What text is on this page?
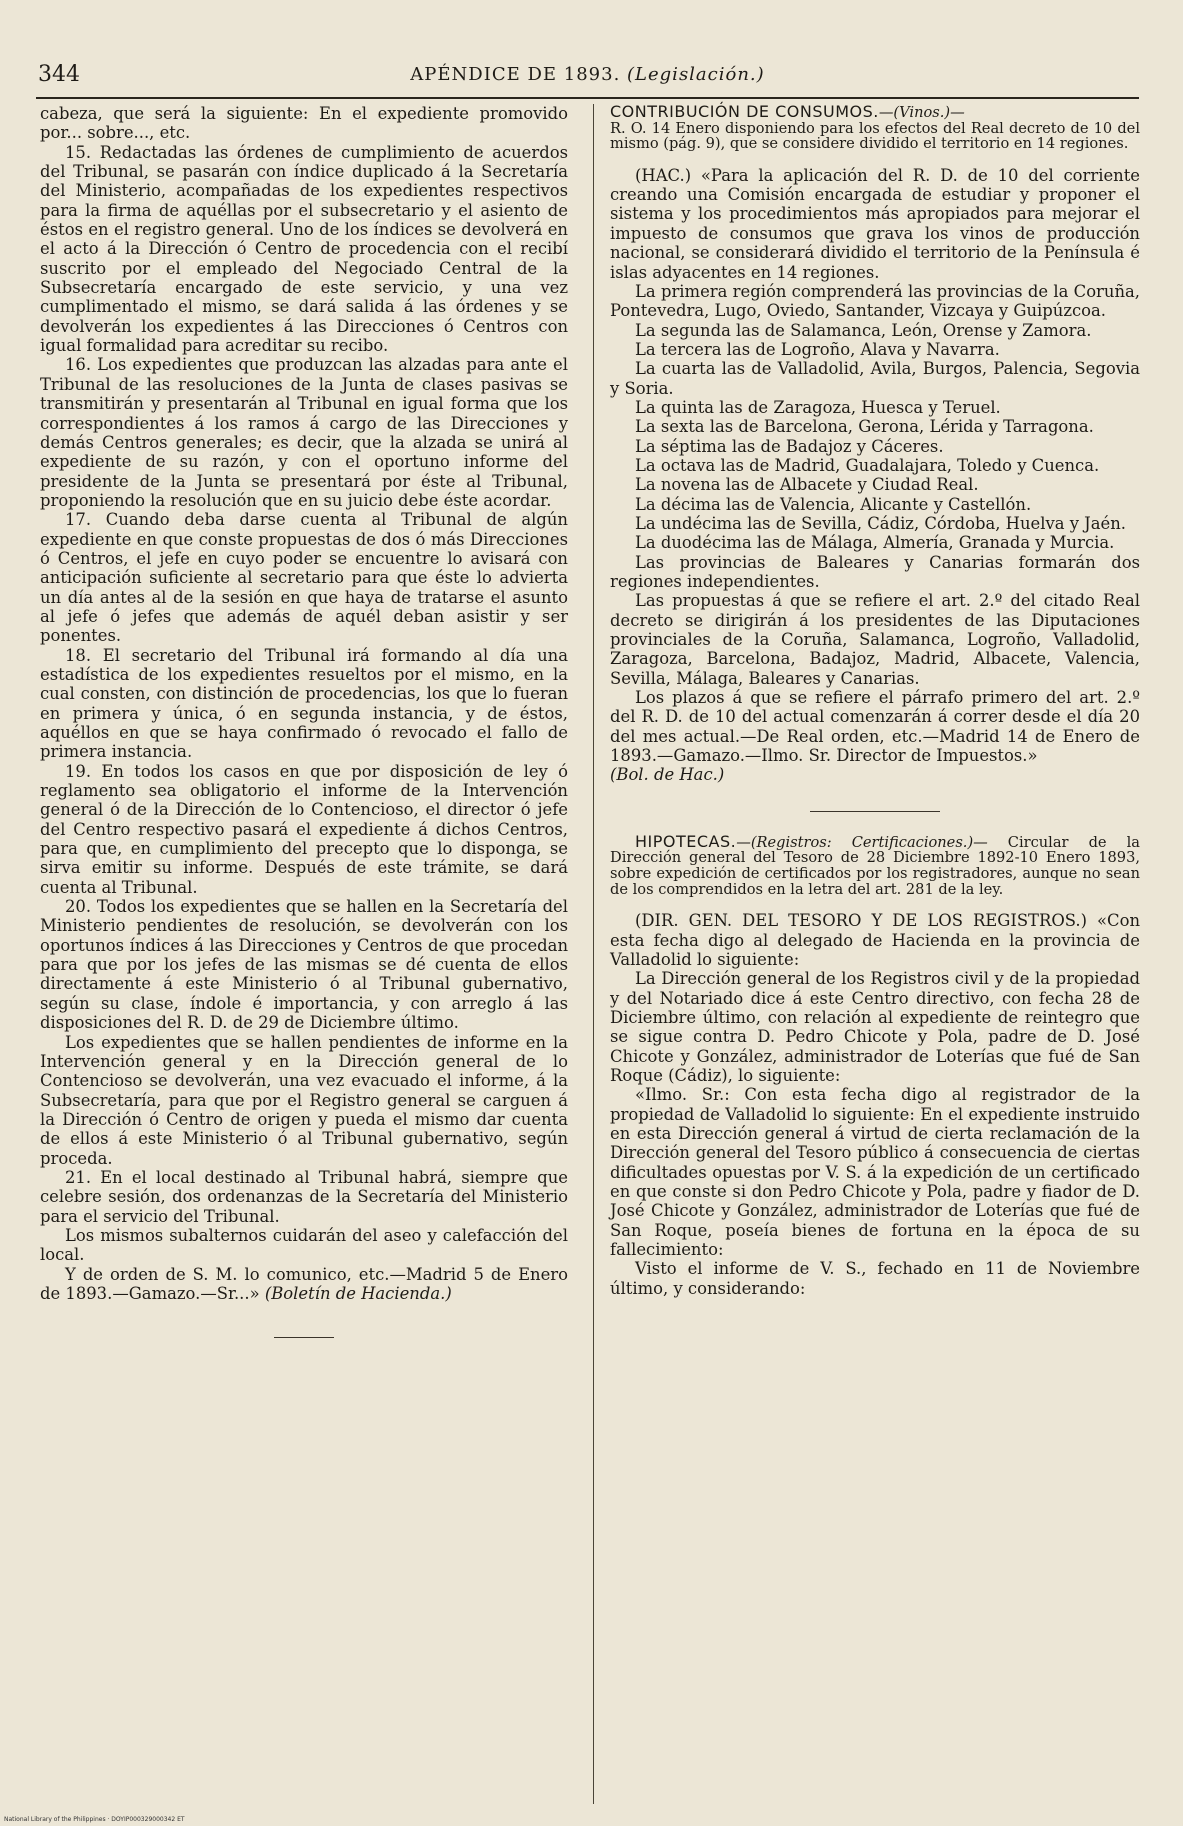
344	APÉNDICE DE 1893. (Legislación.)

cabeza, que será la siguiente: En el expediente promovido por... sobre..., etc.

15. Redactadas las órdenes de cumplimiento de acuerdos del Tribunal, se pasarán con índice duplicado á la Secretaría del Ministerio, acompañadas de los expedientes respectivos para la firma de aquéllas por el subsecretario y el asiento de éstos en el registro general. Uno de los índices se devolverá en el acto á la Dirección ó Centro de procedencia con el recibí suscrito por el empleado del Negociado Central de la Subsecretaría encargado de este servicio, y una vez cumplimentado el mismo, se dará salida á las órdenes y se devolverán los expedientes á las Direcciones ó Centros con igual formalidad para acreditar su recibo.

16. Los expedientes que produzcan las alzadas para ante el Tribunal de las resoluciones de la Junta de clases pasivas se transmitirán y presentarán al Tribunal en igual forma que los correspondientes á los ramos á cargo de las Direcciones y demás Centros generales; es decir, que la alzada se unirá al expediente de su razón, y con el oportuno informe del presidente de la Junta se presentará por éste al Tribunal, proponiendo la resolución que en su juicio debe éste acordar.

17. Cuando deba darse cuenta al Tribunal de algún expediente en que conste propuestas de dos ó más Direcciones ó Centros, el jefe en cuyo poder se encuentre lo avisará con anticipación suficiente al secretario para que éste lo advierta un día antes al de la sesión en que haya de tratarse el asunto al jefe ó jefes que además de aquél deban asistir y ser ponentes.

18. El secretario del Tribunal irá formando al día una estadística de los expedientes resueltos por el mismo, en la cual consten, con distinción de procedencias, los que lo fueran en primera y única, ó en segunda instancia, y de éstos, aquéllos en que se haya confirmado ó revocado el fallo de primera instancia.

19. En todos los casos en que por disposición de ley ó reglamento sea obligatorio el informe de la Intervención general ó de la Dirección de lo Contencioso, el director ó jefe del Centro respectivo pasará el expediente á dichos Centros, para que, en cumplimiento del precepto que lo disponga, se sirva emitir su informe. Después de este trámite, se dará cuenta al Tribunal.

20. Todos los expedientes que se hallen en la Secretaría del Ministerio pendientes de resolución, se devolverán con los oportunos índices á las Direcciones y Centros de que procedan para que por los jefes de las mismas se dé cuenta de ellos directamente á este Ministerio ó al Tribunal gubernativo, según su clase, índole é importancia, y con arreglo á las disposiciones del R. D. de 29 de Diciembre último.

Los expedientes que se hallen pendientes de informe en la Intervención general y en la Dirección general de lo Contencioso se devolverán, una vez evacuado el informe, á la Subsecretaría, para que por el Registro general se carguen á la Dirección ó Centro de origen y pueda el mismo dar cuenta de ellos á este Ministerio ó al Tribunal gubernativo, según proceda.

21. En el local destinado al Tribunal habrá, siempre que celebre sesión, dos ordenanzas de la Secretaría del Ministerio para el servicio del Tribunal.

Los mismos subalternos cuidarán del aseo y calefacción del local.

Y de orden de S. M. lo comunico, etc.—Madrid 5 de Enero de 1893.—Gamazo.—Sr...» (Boletín de Hacienda.)

CONTRIBUCIÓN DE CONSUMOS.—(Vinos.)—

R. O. 14 Enero disponiendo para los efectos del Real decreto de 10 del mismo (pág. 9), que se considere dividido el territorio en 14 regiones.

(HAC.) «Para la aplicación del R. D. de 10 del corriente creando una Comisión encargada de estudiar y proponer el sistema y los procedimientos más apropiados para mejorar el impuesto de consumos que grava los vinos de producción nacional, se considerará dividido el territorio de la Península é islas adyacentes en 14 regiones.

La primera región comprenderá las provincias de la Coruña, Pontevedra, Lugo, Oviedo, Santander, Vizcaya y Guipúzcoa.

La segunda las de Salamanca, León, Orense y Zamora.

La tercera las de Logroño, Alava y Navarra.

La cuarta las de Valladolid, Avila, Burgos, Palencia, Segovia y Soria.

La quinta las de Zaragoza, Huesca y Teruel.

La sexta las de Barcelona, Gerona, Lérida y Tarragona.

La séptima las de Badajoz y Cáceres.

La octava las de Madrid, Guadalajara, Toledo y Cuenca.

La novena las de Albacete y Ciudad Real.

La décima las de Valencia, Alicante y Castellón.

La undécima las de Sevilla, Cádiz, Córdoba, Huelva y Jaén.

La duodécima las de Málaga, Almería, Granada y Murcia.

Las provincias de Baleares y Canarias formarán dos regiones independientes.

Las propuestas á que se refiere el art. 2.º del citado Real decreto se dirigirán á los presidentes de las Diputaciones provinciales de la Coruña, Salamanca, Logroño, Valladolid, Zaragoza, Barcelona, Badajoz, Madrid, Albacete, Valencia, Sevilla, Málaga, Baleares y Canarias.

Los plazos á que se refiere el párrafo primero del art. 2.º del R. D. de 10 del actual comenzarán á correr desde el día 20 del mes actual.—De Real orden, etc.—Madrid 14 de Enero de 1893.—Gamazo.—Ilmo. Sr. Director de Impuestos.»

(Bol. de Hac.)

HIPOTECAS.—(Registros: Certificaciones.)— Circular de la Dirección general del Tesoro de 28 Diciembre 1892-10 Enero 1893, sobre expedición de certificados por los registradores, aunque no sean de los comprendidos en la letra del art. 281 de la ley.

(DIR. GEN. DEL TESORO Y DE LOS REGISTROS.) «Con esta fecha digo al delegado de Hacienda en la provincia de Valladolid lo siguiente:

La Dirección general de los Registros civil y de la propiedad y del Notariado dice á este Centro directivo, con fecha 28 de Diciembre último, con relación al expediente de reintegro que se sigue contra D. Pedro Chicote y Pola, padre de D. José Chicote y González, administrador de Loterías que fué de San Roque (Cádiz), lo siguiente:

«Ilmo. Sr.: Con esta fecha digo al registrador de la propiedad de Valladolid lo siguiente: En el expediente instruido en esta Dirección general á virtud de cierta reclamación de la Dirección general del Tesoro público á consecuencia de ciertas dificultades opuestas por V. S. á la expedición de un certificado en que conste si don Pedro Chicote y Pola, padre y fiador de D. José Chicote y González, administrador de Loterías que fué de San Roque, poseía bienes de fortuna en la época de su fallecimiento:

Visto el informe de V. S., fechado en 11 de Noviembre último, y considerando:

National Library of the Philippines · DOYIP000329000342 ET
